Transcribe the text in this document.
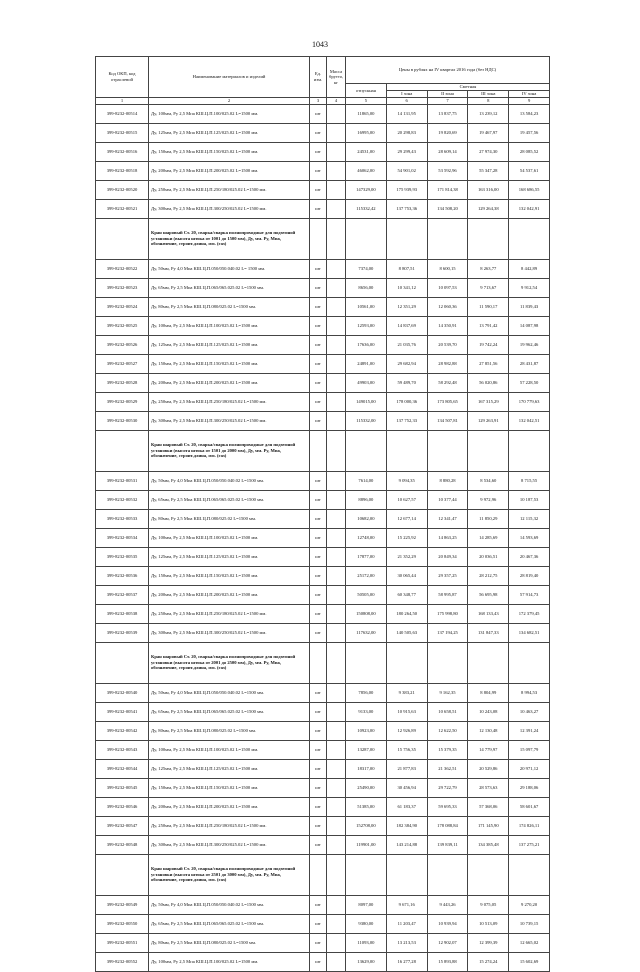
1043
Код ОКП, код отраслевой	Наименование материалов и изделий	Ед. изм.	Масса брутто, кг	Цены в рублях на IV квартал 2016 года (без НДС)				
				отпускная	Сметная			
					I зона	II зона	III зона	IV зона
1	2	3	4	5	6	7	8	9
399-8232-00514	Ду, 100мм, Ру 2,5 Мпа КШ.Ц.П.100/025.02 L=1500 мм.	шт		11865,00	14 131,95	13 837,75	13 239,12	13 584,23
399-8232-00515	Ду, 125мм, Ру 2,5 Мпа КШ.Ц.П.125/025.02 L=1500 мм.	шт		16995,00	20 298,83	19 820,69	19 467,97	19 457,56
399-8232-00516	Ду, 150мм, Ру 2,5 Мпа КШ.Ц.П.150/025.02 L=1500 мм.	шт		24531,00	29 299,43	28 609,14	27 974,30	28 085,52
399-8232-00518	Ду, 200мм, Ру 2,5 Мпа КШ.Ц.П.200/025.02 L=1500 мм.	шт		46062,00	54 901,02	53 592,96	55 347,28	54 537,61
399-8232-00520	Ду, 250мм, Ру 2,5 Мпа КШ.Ц.П.250/180/025.02 L=1500 мм.	шт		147329,00	175 939,93	171 814,38	163 316,00	168 686,55
399-8232-00521	Ду, 300мм, Ру 2,5 Мпа КШ.Ц.П.300/250/025.02 L=1500 мм.	шт		115332,42	137 753,36	134 508,20	129 264,38	132 042,91
	Кран шаровый Ст. 20, сварка/сварка полнопроходные для подземной установки (высота штока от 1001 до 1500 мм), Ду, мм. Ру, Мпа, обозначение, строит.длина, мм. (газ)							
399-8232-00522	Ду, 50мм, Ру 4,0 Мпа КШ.Ц.П.050/050.040.02 L= 1500 мм.	шт		7374,00	8 807,51	8 600,15	8 263,77	8 442,89
399-8232-00523	Ду, 65мм, Ру 2,5 Мпа КШ.Ц.П.065/065.025.02 L=1500 мм.	шт		8656,00	10 341,12	10 097,53	9 713,67	9 912,54
399-8232-00524	Ду, 80мм, Ру 2,5 Мпа КШ.Ц.П.080/025.02 L=1500 мм.	шт		10561,00	12 351,29	12 060,36	11 590,17	11 839,43
399-8232-00525	Ду, 100мм, Ру 2,5 Мпа КШ.Ц.П.100/025.02 L=1500 мм.	шт		12593,00	14 837,69	14 350,91	13 791,42	14 087,98
399-8232-00526	Ду, 125мм, Ру 2,5 Мпа КШ.Ц.П.125/025.02 L=1500 мм.	шт		17636,00	21 035,76	20 539,70	19 742,24	19 962,46
399-8232-00527	Ду, 150мм, Ру 2,5 Мпа КШ.Ц.П.150/025.02 L=1500 мм.	шт		24891,00	29 682,94	28 982,88	27 851,56	28 431,87
399-8232-00528	Ду, 200мм, Ру 2,5 Мпа КШ.Ц.П.200/025.02 L=1500 мм.	шт		49903,00	59 489,70	58 292,48	56 020,86	57 228,50
399-8232-00529	Ду, 250мм, Ру 2,5 Мпа КШ.Ц.П.250/180/025.02 L=1500 мм.	шт		149015,00	178 000,36	173 805,65	167 315,29	170 779,63
399-8232-00530	Ду, 300мм, Ру 2,5 Мпа КШ.Ц.П.300/250/025.02 L=1500 мм.	шт		115332,00	137 752,33	134 507,81	129 263,91	132 042,51
	Кран шаровый Ст. 20, сварка/сварка полнопроходные для подземной установки (высота штока от 1501 до 2000 мм), Ду, мм. Ру, Мпа, обозначение, строит.длина, мм. (газ)							
399-8232-00531	Ду, 50мм, Ру 4,0 Мпа КШ.Ц.П.050/050.040.02 L=1500 мм.	шт		7614,00	9 094,35	8 880,28	8 534,60	8 715,55
399-8232-00532	Ду, 65мм, Ру 2,5 Мпа КШ.Ц.П.065/065.025.02 L=1500 мм.	шт		8896,00	10 627,57	10 377,44	9 972,96	10 187,53
399-8232-00533	Ду, 80мм, Ру 2,5 Мпа КШ.Ц.П.080/025.02 L=1500 мм.	шт		10682,00	12 677,14	12 341,47	11 850,29	12 115,32
399-8232-00534	Ду, 100мм, Ру 2,5 Мпа КШ.Ц.П.100/025.02 L=1500 мм.	шт		12748,00	15 225,92	14 863,25	14 285,69	14 593,69
399-8232-00535	Ду, 125мм, Ру 2,5 Мпа КШ.Ц.П.125/025.02 L=1500 мм.	шт		17877,00	21 352,29	20 849,34	20 036,51	20 467,36
399-8232-00536	Ду, 150мм, Ру 2,5 Мпа КШ.Ц.П.150/025.02 L=1500 мм.	шт		25172,00	30 065,44	29 357,25	28 212,75	28 819,40
399-8232-00537	Ду, 200мм, Ру 2,5 Мпа КШ.Ц.П.200/025.02 L=1500 мм.	шт		50505,00	60 348,77	58 995,87	56 695,98	57 914,73
399-8232-00538	Ду, 250мм, Ру 2,5 Мпа КШ.Ц.П.250/180/025.02 L=1500 мм.	шт		150808,00	180 264,50	175 998,80	168 133,43	172 379,45
399-8232-00539	Ду, 300мм, Ру 2,5 Мпа КШ.Ц.П.300/250/025.02 L=1500 мм.	шт		117632,00	140 505,63	137 194,25	131 847,33	134 682,51
	Кран шаровый Ст. 20, сварка/сварка полнопроходные для подземной установки (высота штока от 2001 до 2500 мм), Ду, мм. Ру, Мпа, обозначение, строит.длина, мм. (газ)							
399-8232-00540	Ду, 50мм, Ру 4,0 Мпа КШ.Ц.П.050/050.040.02 L=1500 мм.	шт		7856,00	9 383,21	9 162,35	8 804,99	8 994,53
399-8232-00541	Ду, 65мм, Ру 2,5 Мпа КШ.Ц.П.065/065.025.02 L=1500 мм.	шт		9133,00	10 915,63	10 658,51	10 243,08	10 463,27
399-8232-00542	Ду, 80мм, Ру 2,5 Мпа КШ.Ц.П.080/025.02 L=1500 мм.	шт		10923,00	12 926,89	12 622,50	12 130,48	12 391,24
399-8232-00543	Ду, 100мм, Ру 2,5 Мпа КШ.Ц.П.100/025.02 L=1500 мм.	шт		13287,00	15 756,35	15 379,35	14 779,97	15 097,79
399-8232-00544	Ду, 125мм, Ру 2,5 Мпа КШ.Ц.П.125/025.02 L=1500 мм.	шт		18317,00	21 877,83	21 362,51	20 529,86	20 971,12
399-8232-00545	Ду, 150мм, Ру 2,5 Мпа КШ.Ц.П.150/025.02 L=1500 мм.	шт		25490,00	30 456,94	29 722,79	28 573,63	29 188,06
399-8232-00546	Ду, 200мм, Ру 2,5 Мпа КШ.Ц.П.200/025.02 L=1500 мм.	шт		51385,00	61 183,37	59 695,33	57 368,06	58 601,67
399-8232-00547	Ду, 250мм, Ру 2,5 Мпа КШ.Ц.П.250/180/025.02 L=1500 мм.	шт		152708,00	182 384,90	178 088,84	171 145,90	174 826,11
399-8232-00548	Ду, 300мм, Ру 2,5 Мпа КШ.Ц.П.300/250/025.02 L=1500 мм.	шт		119901,00	143 214,88	139 839,11	134 385,48	137 275,21
	Кран шаровый Ст. 20, сварка/сварка полнопроходные для подземной установки (высота штока от 2501 до 3000 мм), Ду, мм. Ру, Мпа, обозначение, строит.длина, мм. (газ)							
399-8232-00549	Ду, 50мм, Ру 4,0 Мпа КШ.Ц.П.050/050.040.02 L=1500 мм.	шт		8097,00	9 671,16	9 443,26	9 075,05	9 270,20
399-8232-00550	Ду, 65мм, Ру 2,5 Мпа КШ.Ц.П.065/065.025.02 L=1500 мм.	шт		9380,00	11 203,47	10 939,94	10 513,09	10 739,15
399-8232-00551	Ду, 80мм, Ру 2,5 Мпа КШ.Ц.П.080/025.02 L=1500 мм.	шт		11093,00	13 213,53	12 902,07	12 399,39	12 665,02
399-8232-00552	Ду, 100мм, Ру 2,5 Мпа КШ.Ц.П.100/025.02 L=1500 мм.	шт		13629,00	16 277,28	15 893,88	15 274,24	15 602,69
